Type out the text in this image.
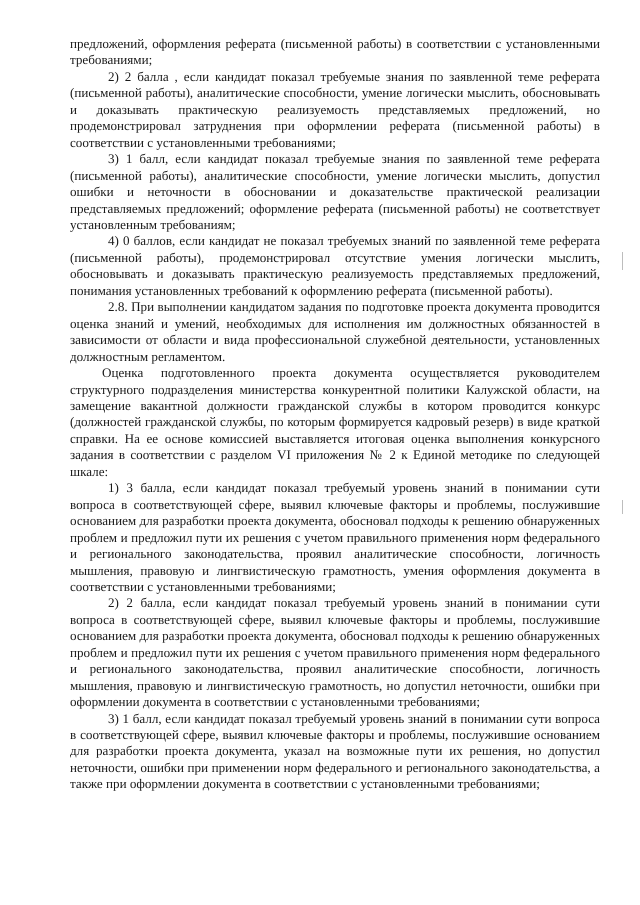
предложений, оформления реферата (письменной работы) в соответствии с установленными требованиями;

2) 2 балла , если кандидат показал требуемые знания по заявленной теме реферата (письменной работы), аналитические способности, умение логически мыслить, обосновывать и доказывать практическую реализуемость представляемых предложений, но продемонстрировал затруднения при оформлении реферата (письменной работы) в соответствии с установленными требованиями;

3) 1 балл, если кандидат показал требуемые знания по заявленной теме реферата (письменной работы), аналитические способности, умение логически мыслить, допустил ошибки и неточности в обосновании и доказательстве практической реализации представляемых предложений; оформление реферата (письменной работы) не соответствует установленным требованиям;

4) 0 баллов, если кандидат не показал требуемых знаний по заявленной теме реферата (письменной работы), продемонстрировал отсутствие умения логически мыслить, обосновывать и доказывать практическую реализуемость представляемых предложений, понимания установленных требований к оформлению реферата (письменной работы).

2.8. При выполнении кандидатом задания по подготовке проекта документа проводится оценка знаний и умений, необходимых для исполнения им должностных обязанностей в зависимости от области и вида профессиональной служебной деятельности, установленных должностным регламентом.

Оценка подготовленного проекта документа осуществляется руководителем структурного подразделения министерства конкурентной политики Калужской области, на замещение вакантной должности гражданской службы в котором проводится конкурс (должностей гражданской службы, по которым формируется кадровый резерв) в виде краткой справки. На ее основе комиссией выставляется итоговая оценка выполнения конкурсного задания в соответствии с разделом VI приложения № 2 к Единой методике по следующей шкале:

1) 3 балла, если кандидат показал требуемый уровень знаний в понимании сути вопроса в соответствующей сфере, выявил ключевые факторы и проблемы, послужившие основанием для разработки проекта документа, обосновал подходы к решению обнаруженных проблем и предложил пути их решения с учетом правильного применения норм федерального и регионального законодательства, проявил аналитические способности, логичность мышления, правовую и лингвистическую грамотность, умения оформления документа в соответствии с установленными требованиями;

2) 2 балла, если кандидат показал требуемый уровень знаний в понимании сути вопроса в соответствующей сфере, выявил ключевые факторы и проблемы, послужившие основанием для разработки проекта документа, обосновал подходы к решению обнаруженных проблем и предложил пути их решения с учетом правильного применения норм федерального и регионального законодательства, проявил аналитические способности, логичность мышления, правовую и лингвистическую грамотность, но допустил неточности, ошибки при оформлении документа в соответствии с установленными требованиями;

3) 1 балл, если кандидат показал требуемый уровень знаний в понимании сути вопроса в соответствующей сфере, выявил ключевые факторы и проблемы, послужившие основанием для разработки проекта документа, указал на возможные пути их решения, но допустил неточности, ошибки при применении норм федерального и регионального законодательства, а также при оформлении документа в соответствии с установленными требованиями;
